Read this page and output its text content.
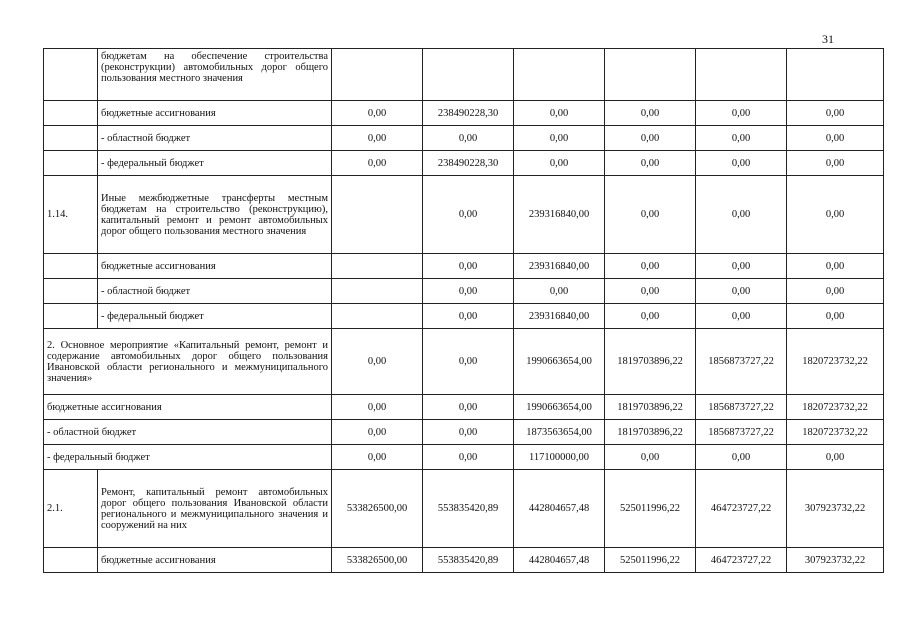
31
	бюджетам на обеспечение строительства (реконструкции) автомобильных дорог общего пользования местного значения						
	бюджетные ассигнования	0,00	238490228,30	0,00	0,00	0,00	0,00
	- областной бюджет	0,00	0,00	0,00	0,00	0,00	0,00
	- федеральный бюджет	0,00	238490228,30	0,00	0,00	0,00	0,00
1.14.	Иные межбюджетные трансферты местным бюджетам на строительство (реконструкцию), капитальный ремонт и ремонт автомобильных дорог общего пользования местного значения		0,00	239316840,00	0,00	0,00	0,00
	бюджетные ассигнования		0,00	239316840,00	0,00	0,00	0,00
	- областной бюджет		0,00	0,00	0,00	0,00	0,00
	- федеральный бюджет		0,00	239316840,00	0,00	0,00	0,00
2. Основное мероприятие «Капитальный ремонт, ремонт и содержание автомобильных дорог общего пользования Ивановской области регионального и межмуниципального значения»		0,00	0,00	1990663654,00	1819703896,22	1856873727,22	1820723732,22
бюджетные ассигнования		0,00	0,00	1990663654,00	1819703896,22	1856873727,22	1820723732,22
- областной бюджет		0,00	0,00	1873563654,00	1819703896,22	1856873727,22	1820723732,22
- федеральный бюджет		0,00	0,00	117100000,00	0,00	0,00	0,00
2.1.	Ремонт, капитальный ремонт автомобильных дорог общего пользования Ивановской области регионального и межмуниципального значения и сооружений на них	533826500,00	553835420,89	442804657,48	525011996,22	464723727,22	307923732,22
	бюджетные ассигнования	533826500,00	553835420,89	442804657,48	525011996,22	464723727,22	307923732,22
